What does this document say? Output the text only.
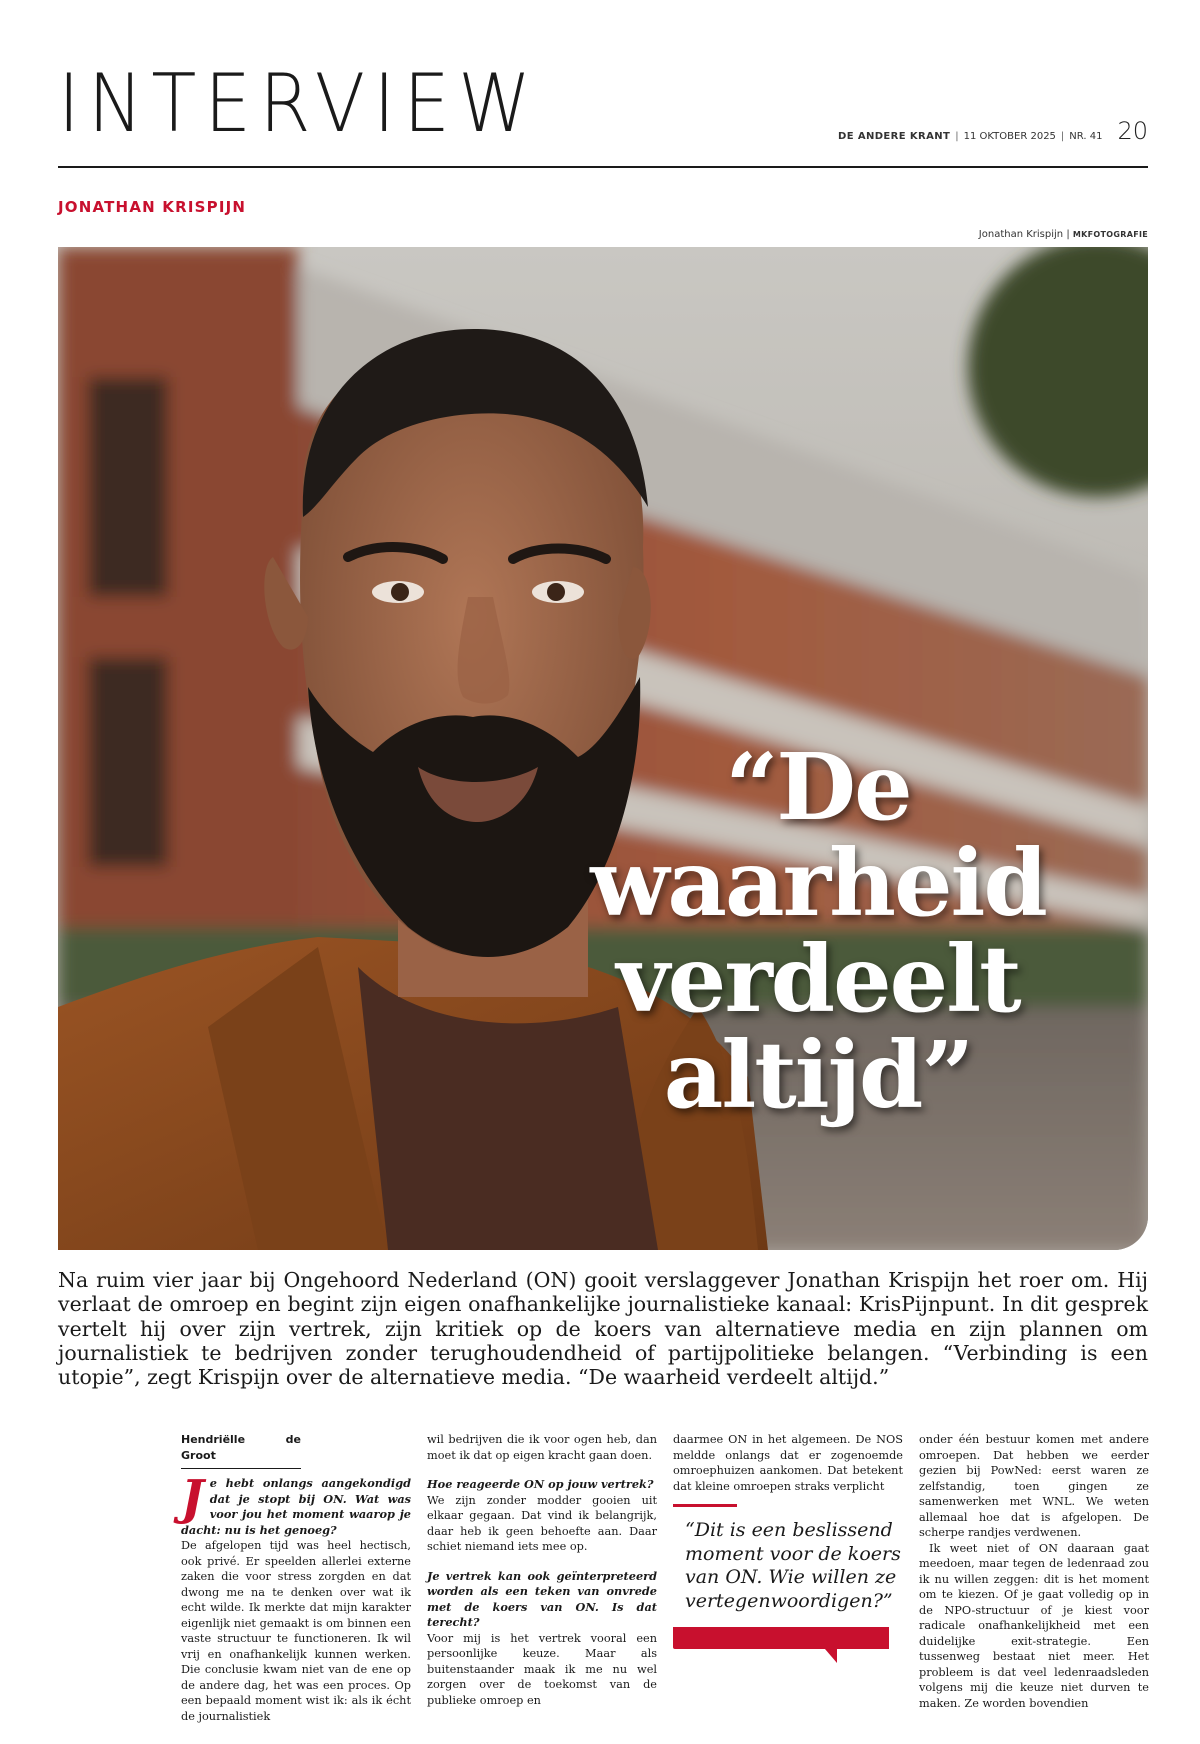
INTERVIEW	DE ANDERE KRANT | 11 OKTOBER 2025 | NR. 41 20
JONATHAN KRISPIJN
Jonathan Krispijn | MKFOTOGRAFIE
“De
waarheid
verdeelt
altijd”
Na ruim vier jaar bij Ongehoord Nederland (ON) gooit verslaggever Jonathan Krispijn het roer om. Hij verlaat de omroep en begint zijn eigen onafhankelijke journalistieke kanaal: KrisPijnpunt. In dit gesprek vertelt hij over zijn vertrek, zijn kritiek op de koers van alternatieve media en zijn plannen om journalistiek te bedrijven zonder terughoudendheid of partijpolitieke belangen. “Verbinding is een utopie”, zegt Krispijn over de alternatieve media. “De waarheid verdeelt altijd.”
Hendriëlle de Groot
J e hebt onlangs aangekondigd dat je stopt bij ON. Wat was voor jou het moment waarop je dacht: nu is het genoeg?

De afgelopen tijd was heel hectisch, ook privé. Er speelden allerlei externe zaken die voor stress zorgden en dat dwong me na te denken over wat ik echt wilde. Ik merkte dat mijn karakter eigenlijk niet gemaakt is om binnen een vaste structuur te functioneren. Ik wil vrij en onafhankelijk kunnen werken. Die conclusie kwam niet van de ene op de andere dag, het was een proces. Op een bepaald moment wist ik: als ik écht de journalistiek

wil bedrijven die ik voor ogen heb, dan moet ik dat op eigen kracht gaan doen.

Hoe reageerde ON op jouw vertrek?

We zijn zonder modder gooien uit elkaar gegaan. Dat vind ik belangrijk, daar heb ik geen behoefte aan. Daar schiet niemand iets mee op.

Je vertrek kan ook geïnterpreteerd worden als een teken van onvrede met de koers van ON. Is dat terecht?

Voor mij is het vertrek vooral een persoonlijke keuze. Maar als buitenstaander maak ik me nu wel zorgen over de toekomst van de publieke omroep en

daarmee ON in het algemeen. De NOS meldde onlangs dat er zogenoemde omroephuizen aankomen. Dat betekent dat kleine omroepen straks verplicht

“Dit is een beslissend moment voor de koers van ON. Wie willen ze vertegenwoordigen?”

onder één bestuur komen met andere omroepen. Dat hebben we eerder gezien bij PowNed: eerst waren ze zelfstandig, toen gingen ze samenwerken met WNL. We weten allemaal hoe dat is afgelopen. De scherpe randjes verdwenen.

Ik weet niet of ON daaraan gaat meedoen, maar tegen de ledenraad zou ik nu willen zeggen: dit is het moment om te kiezen. Of je gaat volledig op in de NPO-structuur of je kiest voor radicale onafhankelijkheid met een duidelijke exit-strategie. Een tussenweg bestaat niet meer. Het probleem is dat veel ledenraadsleden volgens mij die keuze niet durven te maken. Ze worden bovendien
